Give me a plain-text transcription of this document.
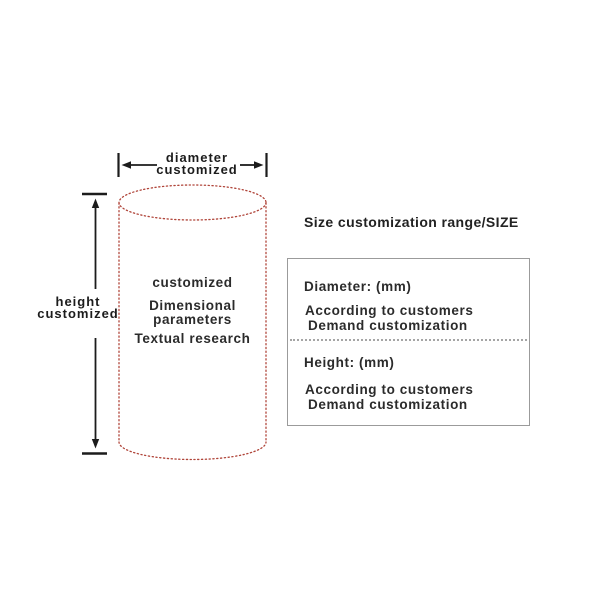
diameter
customized
height
customized

customized

Dimensional

parameters

Textual research

Size customization range/SIZE
Diameter: (mm)
According to customers
Demand customization
Height: (mm)
According to customers
Demand customization
